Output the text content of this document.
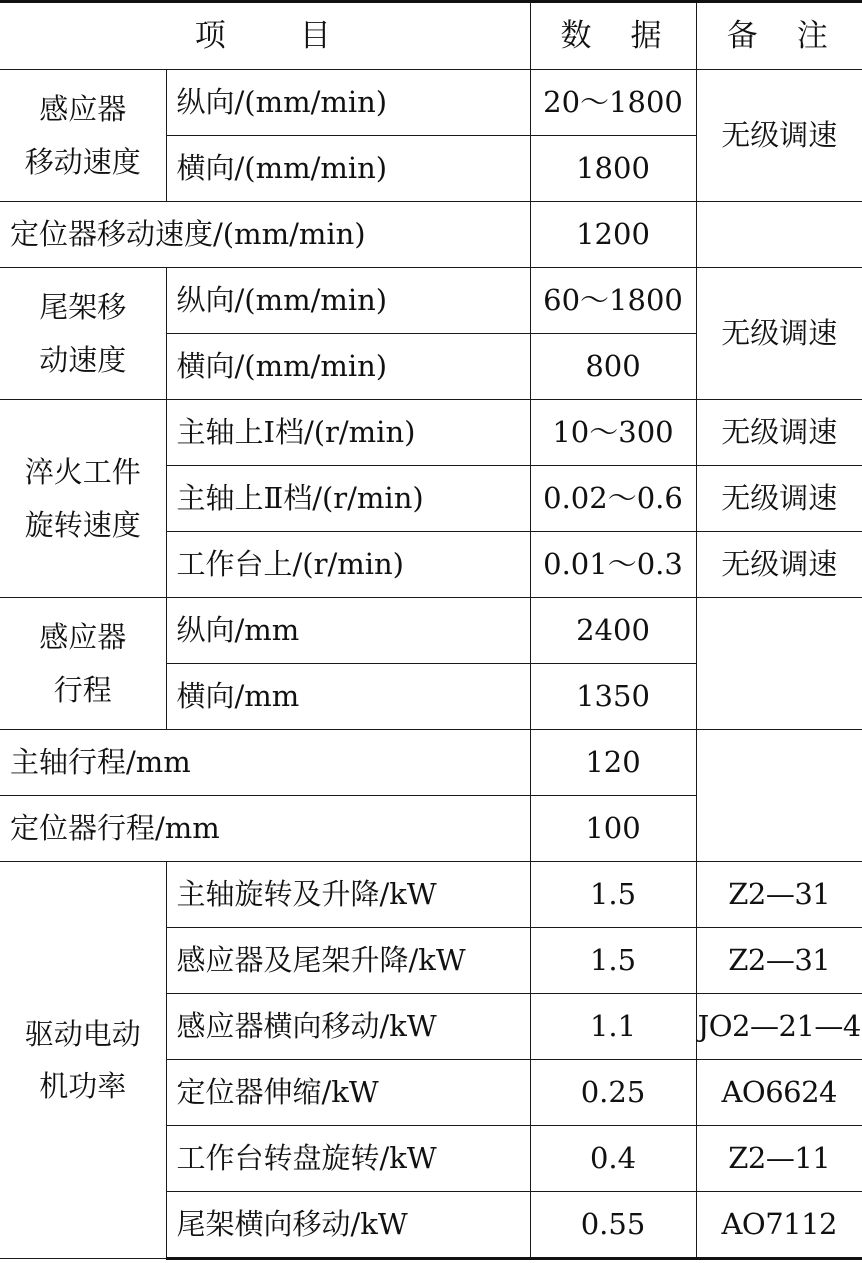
项　　目		数　据	备　注

感应器
移动速度	纵向/(mm/min)	20～1800	无级调速
	横向/(mm/min)	1800	
定位器移动速度/(mm/min)		1200	

尾架移
动速度	纵向/(mm/min)	60～1800	无级调速
	横向/(mm/min)	800	

淬火工件
旋转速度	主轴上Ⅰ档/(r/min)	10～300	无级调速
	主轴上Ⅱ档/(r/min)	0.02～0.6	无级调速
	工作台上/(r/min)	0.01～0.3	无级调速

感应器
行程	纵向/mm	2400	
	横向/mm	1350	
主轴行程/mm		120	
定位器行程/mm		100	

驱动电动
机功率	主轴旋转及升降/kW	1.5	Z2—31
	感应器及尾架升降/kW	1.5	Z2—31
	感应器横向移动/kW	1.1	JO2—21—4
	定位器伸缩/kW	0.25	AO6624
	工作台转盘旋转/kW	0.4	Z2—11
	尾架横向移动/kW	0.55	AO7112
